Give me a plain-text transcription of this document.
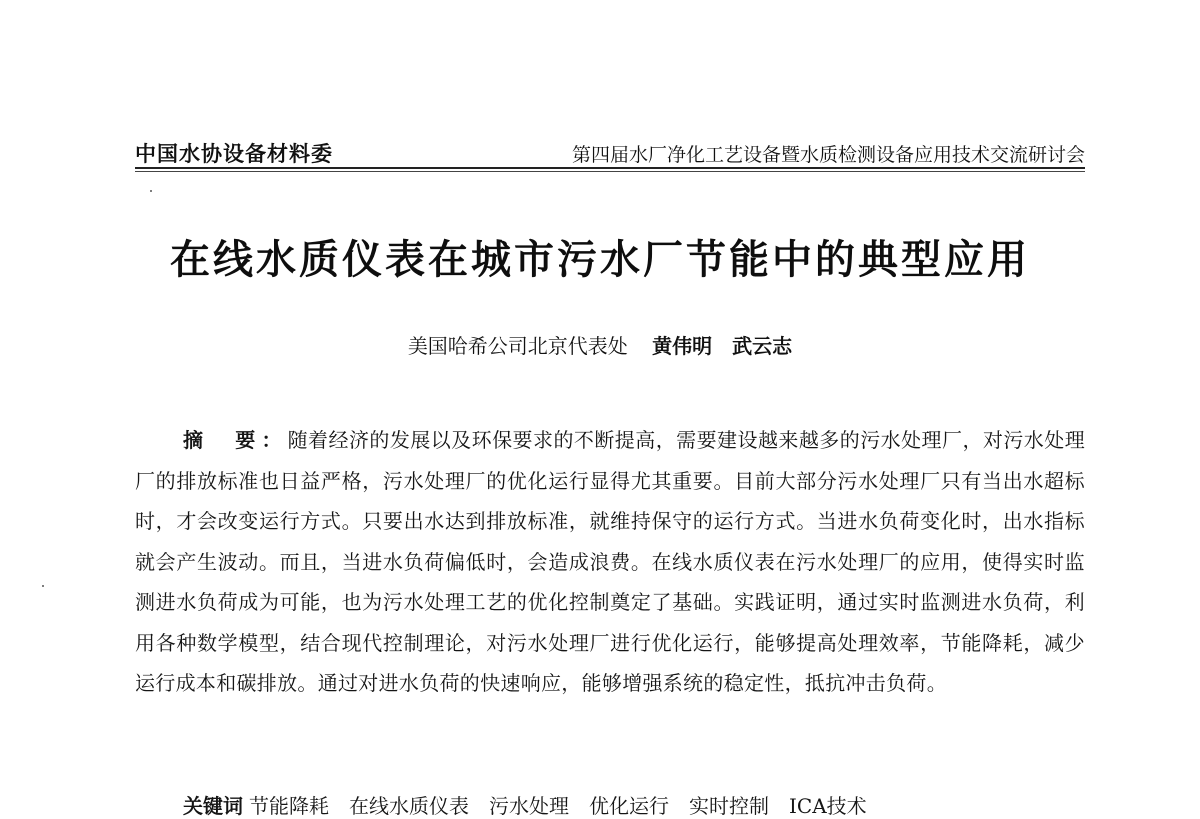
中国水协设备材料委	第四届水厂净化工艺设备暨水质检测设备应用技术交流研讨会
在线水质仪表在城市污水厂节能中的典型应用
美国哈希公司北京代表处 黄伟明　武云志
摘　要：随着经济的发展以及环保要求的不断提高，需要建设越来越多的污水处理厂，对污水处理厂的排放标准也日益严格，污水处理厂的优化运行显得尤其重要。目前大部分污水处理厂只有当出水超标时，才会改变运行方式。只要出水达到排放标准，就维持保守的运行方式。当进水负荷变化时，出水指标就会产生波动。而且，当进水负荷偏低时，会造成浪费。在线水质仪表在污水处理厂的应用，使得实时监测进水负荷成为可能，也为污水处理工艺的优化控制奠定了基础。实践证明，通过实时监测进水负荷，利用各种数学模型，结合现代控制理论，对污水处理厂进行优化运行，能够提高处理效率，节能降耗，减少运行成本和碳排放。通过对进水负荷的快速响应，能够增强系统的稳定性，抵抗冲击负荷。
关键词 节能降耗　在线水质仪表　污水处理　优化运行　实时控制　ICA技术
